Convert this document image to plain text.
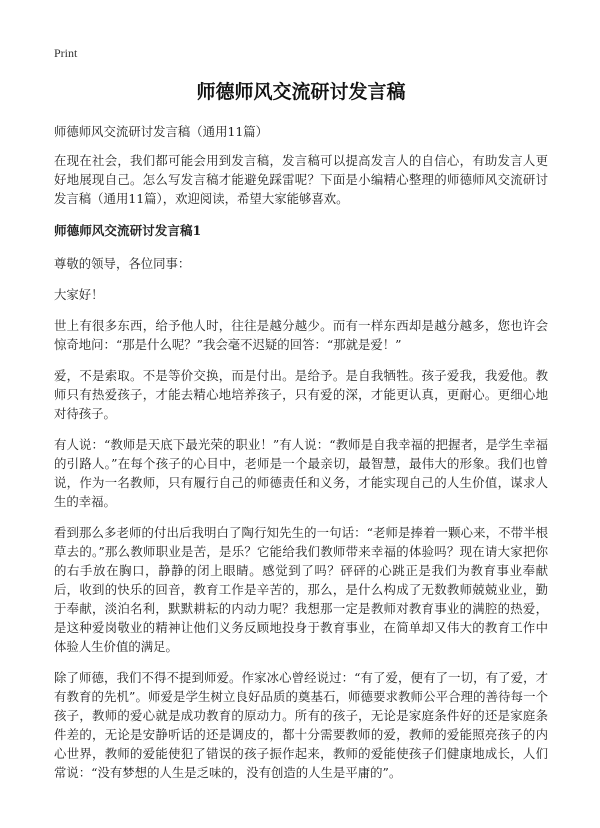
Print
师德师风交流研讨发言稿

师德师风交流研讨发言稿（通用11篇）

在现在社会，我们都可能会用到发言稿，发言稿可以提高发言人的自信心，有助发言人更好地展现自己。怎么写发言稿才能避免踩雷呢？下面是小编精心整理的师德师风交流研讨发言稿（通用11篇），欢迎阅读，希望大家能够喜欢。

师德师风交流研讨发言稿1

尊敬的领导，各位同事：

大家好！

世上有很多东西，给予他人时，往往是越分越少。而有一样东西却是越分越多，您也许会惊奇地问：“那是什么呢？”我会毫不迟疑的回答：“那就是爱！”

爱，不是索取。不是等价交换，而是付出。是给予。是自我牺牲。孩子爱我，我爱他。教师只有热爱孩子，才能去精心地培养孩子，只有爱的深，才能更认真，更耐心。更细心地对待孩子。

有人说：“教师是天底下最光荣的职业！”有人说：“教师是自我幸福的把握者，是学生幸福的引路人。”在每个孩子的心目中，老师是一个最亲切，最智慧，最伟大的形象。我们也曾说，作为一名教师，只有履行自己的师德责任和义务，才能实现自己的人生价值，谋求人生的幸福。

看到那么多老师的付出后我明白了陶行知先生的一句话：“老师是捧着一颗心来，不带半根草去的。”那么教师职业是苦，是乐？它能给我们教师带来幸福的体验吗？现在请大家把你的右手放在胸口，静静的闭上眼睛。感觉到了吗？砰砰的心跳正是我们为教育事业奉献后，收到的快乐的回音，教育工作是辛苦的，那么，是什么构成了无数教师兢兢业业，勤于奉献，淡泊名利，默默耕耘的内动力呢？我想那一定是教师对教育事业的满腔的热爱，是这种爱岗敬业的精神让他们义务反顾地投身于教育事业，在简单却又伟大的教育工作中体验人生价值的满足。

除了师德，我们不得不提到师爱。作家冰心曾经说过：“有了爱，便有了一切，有了爱，才有教育的先机”。师爱是学生树立良好品质的奠基石，师德要求教师公平合理的善待每一个孩子，教师的爱心就是成功教育的原动力。所有的孩子，无论是家庭条件好的还是家庭条件差的，无论是安静听话的还是调皮的，都十分需要教师的爱，教师的爱能照亮孩子的内心世界，教师的爱能使犯了错误的孩子振作起来，教师的爱能使孩子们健康地成长，人们常说：“没有梦想的人生是乏味的，没有创造的人生是平庸的”。
